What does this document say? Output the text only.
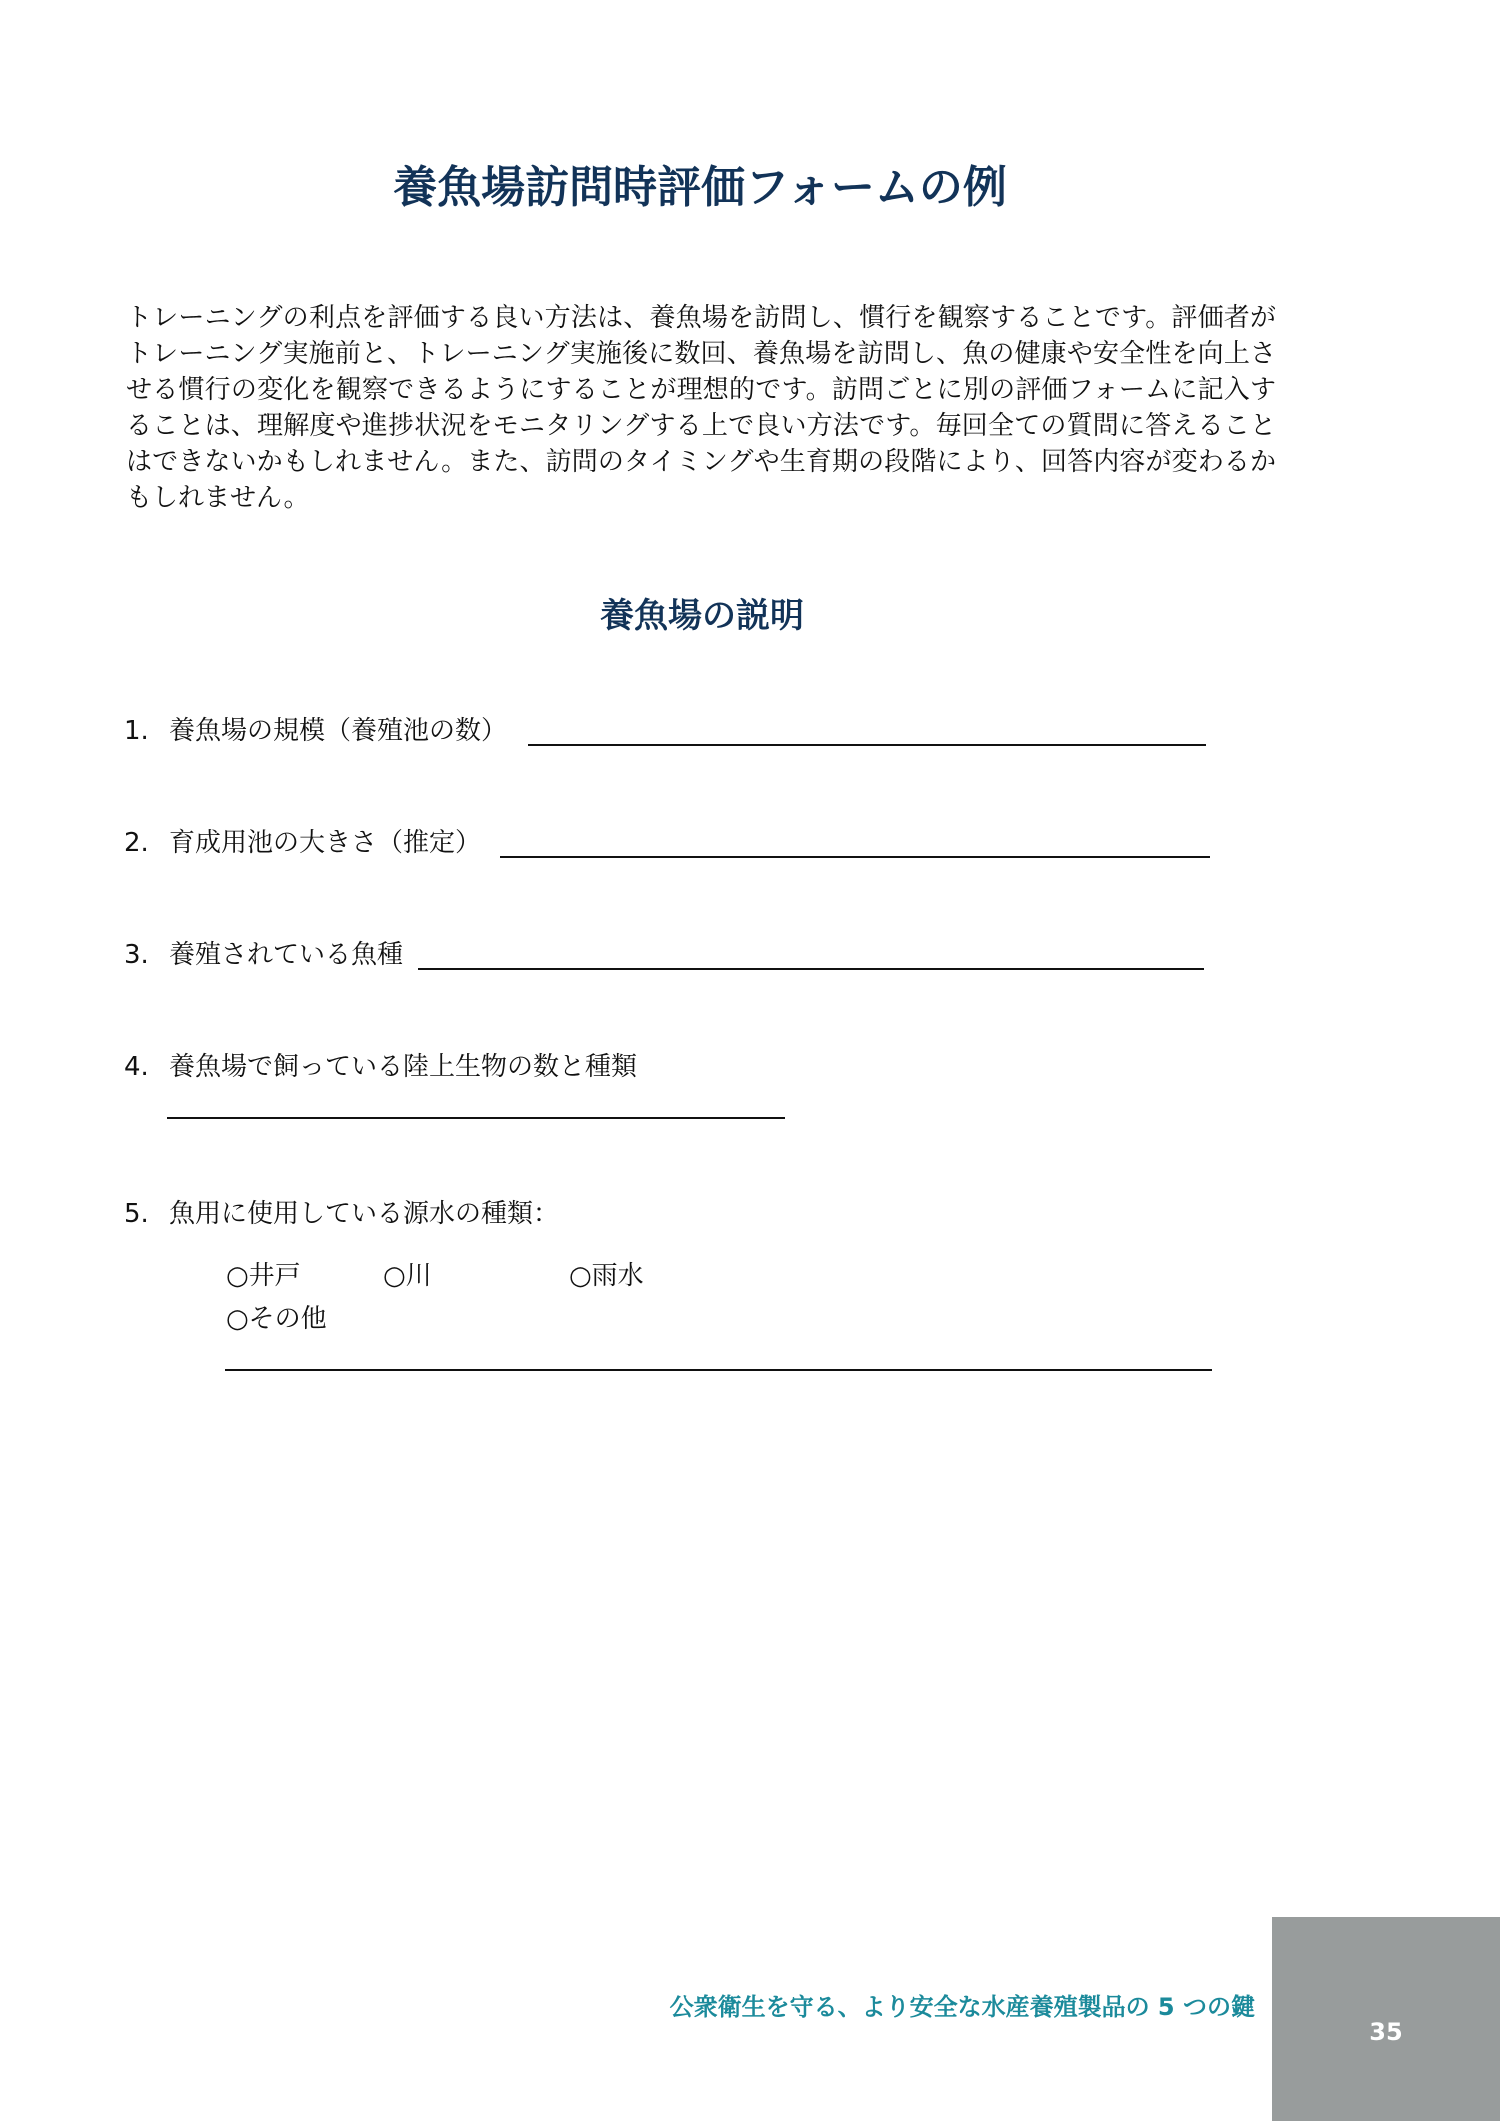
養魚場訪問時評価フォームの例

トレーニングの利点を評価する良い方法は、養魚場を訪問し、慣行を観察することです。評価者がトレーニング実施前と、トレーニング実施後に数回、養魚場を訪問し、魚の健康や安全性を向上させる慣行の変化を観察できるようにすることが理想的です。訪問ごとに別の評価フォームに記入することは、理解度や進捗状況をモニタリングする上で良い方法です。毎回全ての質問に答えることはできないかもしれません。また、訪問のタイミングや生育期の段階により、回答内容が変わるかもしれません。

養魚場の説明
1. 養魚場の規模（養殖池の数）
2. 育成用池の大きさ（推定）
3. 養殖されている魚種
4. 養魚場で飼っている陸上生物の数と種類
5. 魚用に使用している源水の種類：
○井戸	○川	○雨水
○その他
公衆衛生を守る、より安全な水産養殖製品の 5 つの鍵
35
